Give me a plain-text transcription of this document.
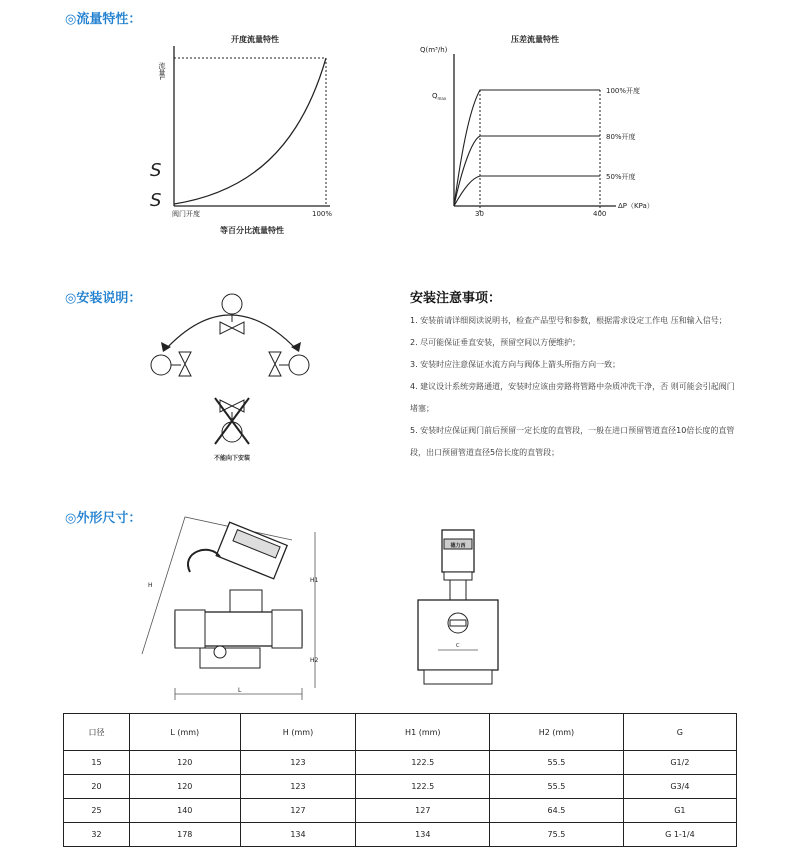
◎流量特性：
◎安装说明：
◎外形尺寸：
开度流量特性
流量L
S
S
阀门开度	100%
等百分比流量特性
压差流量特性
Q(m³/h)
$Q_{max}$
100%开度
80%开度
50%开度
30	400
ΔP（KPa）
不能向下安装
安装注意事项：

1. 安装前请详细阅读说明书，检查产品型号和参数，根据需求设定工作电 压和输入信号；

2. 尽可能保证垂直安装，预留空间以方便维护；

3. 安装时应注意保证水流方向与阀体上箭头所指方向一致；

4. 建议设计系统旁路通道，安装时应该由旁路将管路中杂质冲洗干净，否 则可能会引起阀门堵塞；

5. 安装时应保证阀门前后预留一定长度的直管段，一般在进口预留管道直径10倍长度的直管段，出口预留管道直径5倍长度的直管段；

L
H1
H2
H
德力西
C
口径	L (mm)	H (mm)	H1 (mm)	H2 (mm)	G
15	120	123	122.5	55.5	G1/2
20	120	123	122.5	55.5	G3/4
25	140	127	127	64.5	G1
32	178	134	134	75.5	G 1-1/4
